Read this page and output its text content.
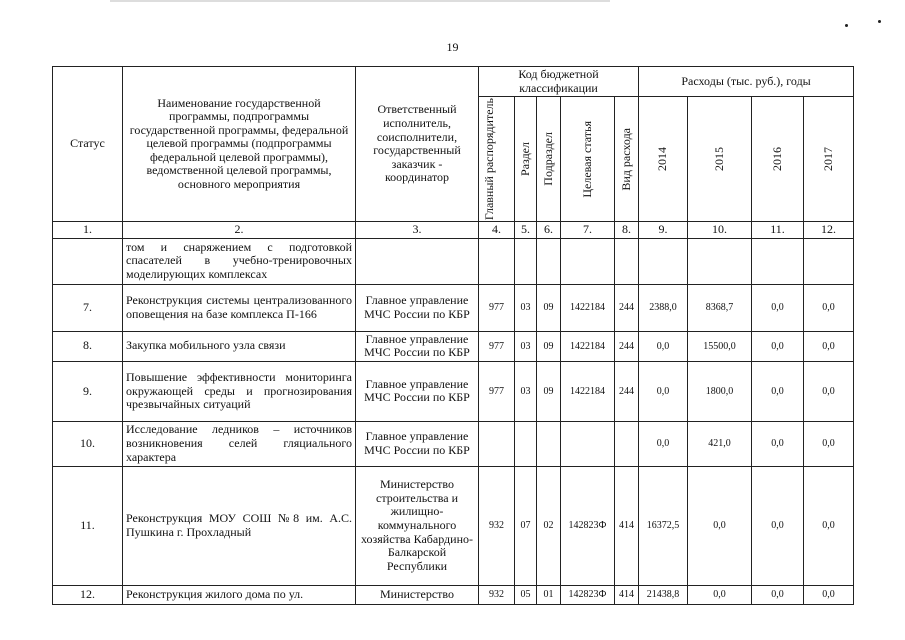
19
Статус	Наименование государственной программы, подпрограммы государственной программы, федеральной целевой программы (подпрограммы федеральной целевой программы), ведомственной целевой программы, основного мероприятия	Ответственный исполнитель, соисполнители, государственный заказчик - координатор	Код бюджетной классификации					Расходы (тыс. руб.), годы			

			Главный распорядитель	Раздел	Подраздел	Целевая статья	Вид расхода	2014	2015	2016	2017

1.	2.	3.	4.	5.	6.	7.	8.	9.	10.	11.	12.
	том и снаряжением с подготовкой спасателей в учебно-тренировочных моделирующих комплексах										
7.	Реконструкция системы централизованного оповещения на базе комплекса П-166	Главное управление МЧС России по КБР	977	03	09	1422184	244	2388,0	8368,7	0,0	0,0
8.	Закупка мобильного узла связи	Главное управление МЧС России по КБР	977	03	09	1422184	244	0,0	15500,0	0,0	0,0
9.	Повышение эффективности мониторинга окружающей среды и прогнозирования чрезвычайных ситуаций	Главное управление МЧС России по КБР	977	03	09	1422184	244	0,0	1800,0	0,0	0,0
10.	Исследование ледников – источников возникновения селей гляциального характера	Главное управление МЧС России по КБР						0,0	421,0	0,0	0,0
11.	Реконструкция МОУ СОШ №8 им. А.С. Пушкина г. Прохладный	Министерство строительства и жилищно-коммунального хозяйства Кабардино-Балкарской Республики	932	07	02	142823Ф	414	16372,5	0,0	0,0	0,0
12.	Реконструкция жилого дома по ул.	Министерство	932	05	01	142823Ф	414	21438,8	0,0	0,0	0,0
